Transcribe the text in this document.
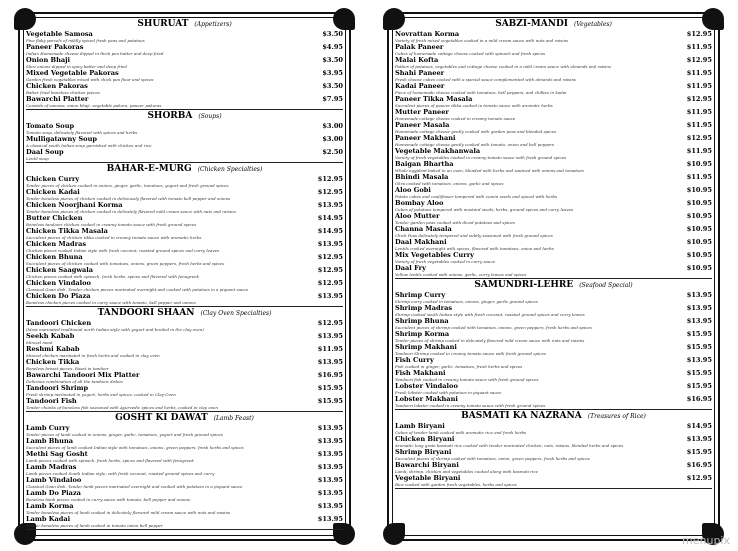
SHURUAT (Appetizers)
Vegetable Samosa	$3.50
Five flaky parcels of mildly spiced fresh peas and potatoes
Paneer Pakoras	$4.95
Indian Homemade cheese dipped in thick pea batter and deep fried
Onion Bhaji	$3.50
Slice onions dipped in spicy batter and deep fried
Mixed Vegetable Pakoras	$3.95
Garden fresh vegetables mixed with chick pea flour and spices
Chicken Pakoras	$3.50
Batter fried boneless chicken pieces
Bawarchi Platter	$7.95
Consists of samosa, onion bhaji, vegetable pakora, paneer pakoras
SHORBA (Soups)
Tomato Soup	$3.00
Tomato soup, delicately flavored with spices and herbs
Mulligatawny Soup	$3.00
A classical south Indian soup garnished with chicken and rice
Daal Soup	$2.50
Lentil soup
BAHAR-E-MURG (Chicken Specialties)
Chicken Curry	$12.95
Tender pieces of chicken cooked in onions, ginger, garlic, tomatoes, yogurt and fresh ground spices
Chicken Kadai	$12.95
Tender boneless pieces of chicken cooked in deliciously flavored with tomato bell pepper and onions
Chicken Noorjhani Korma	$13.95
Tender boneless pieces of chicken cooked in delicately flavored mild cream sauce with nuts and raisins
Butter Chicken	$14.95
Boneless tandoori chicken cooked in creamy tomato sauce with fresh ground spices
Chicken Tikka Masala	$14.95
Succulent pieces of chicken tikka cooked in creamy tomato sauce with aromatic herbs
Chicken Madras	$13.95
Chicken pieces cooked Indian style with fresh coconut, roasted ground spices and curry leaves
Chicken Bhuna	$12.95
Succulent pieces of chicken cooked with tomatoes, onions, green peppers, fresh herbs and spices
Chicken Saagwala	$12.95
Chicken pieces cooked with spinach, fresh herbs, spices and flavored with fenugreek
Chicken Vindaloo	$12.95
Classical Goan dish. Tender chicken pieces marinated overnight and cooked with potatoes in a piquant sauce
Chicken Do Piaza	$13.95
Boneless chicken pieces cooked in curry sauce with tomato, bell pepper and onions
TANDOORI SHAAN (Clay Oven Specialties)
Tandoori Chicken	$12.95
(Most marinated traditional north Indian style with yogurt and broiled in the clay oven)
Seekh Kabab	$13.95
Minced meat
Reshmi Kabab	$11.95
Minced chicken marinated in fresh herbs and cooked in clay oven
Chicken Tikka	$13.95
Boneless breast pieces. Roast in tandoor
Bawarchi Tandoori Mix Platter	$16.95
Delicious combination of all the tandoori dishes
Tandoori Shrimp	$15.95
Fresh shrimp marinated in yogurt, herbs and spices, cooked in Clay-Oven
Tandoori Fish	$15.95
Tender chunks of boneless fish seasoned with Ayurvedic spices and herbs, cooked in clay oven
GOSHT KI DAWAT (Lamb Feast)
Lamb Curry	$13.95
Tender pieces of lamb cooked in onions, ginger, garlic, tomatoes, yogurt and fresh ground spices
Lamb Bhuna	$13.95
Succulent pieces of lamb cooked Indian style with tomatoes, onions, green peppers, fresh herbs and spices
Methi Sag Gosht	$13.95
Lamb pieces cooked with spinach, fresh herbs, spices and flavored with fenugreek
Lamb Madras	$13.95
Lamb pieces cooked South Indian style, with fresh coconut, roasted ground spices and curry
Lamb Vindaloo	$13.95
Classical Goan dish. Tender lamb pieces marinated overnight and cooked with potatoes in a piquant sauce
Lamb Do Piaza	$13.95
Boneless lamb pieces cooked in curry sauce with tomato, bell pepper and onions
Lamb Korma	$13.95
Tender boneless pieces of lamb cooked in delicately flavored mild cream sauce with nuts and raisins
Lamb Kadai	$13.95
Tender boneless pieces of lamb cooked in tomato onion bell pepper
SABZI-MANDI (Vegetables)
Novrattan Korma	$12.95
Variety of fresh mixed vegetables cooked in a mild cream sauce with nuts and raisins
Palak Paneer	$11.95
Cubes of homemade cottage cheese cooked with spinach and fresh spices
Malai Kofta	$12.95
Patties of potatoes, vegetables and cottage cheese cooked in a mild cream sauce with almonds and raisins
Shahi Paneer	$11.95
Fresh cheese cubes cooked with a special sauce complemented with almonds and raisins
Kadai Paneer	$11.95
Piece of homemade cheese cooked with tomatoes, bell peppers, and chillies in kadai
Paneer Tikka Masala	$12.95
Succulent pieces of paneer tikka cooked in tomato sauce with aromatic herbs
Mutter Paneer	$11.95
Homemade cottage cheese cooked in creamy tomato sauce
Paneer Masala	$11.95
Homemade cottage cheese gently cooked with garden peas and blended spices
Paneer Makhani	$12.95
Homemade cottage cheese gently cooked with tomato, onion and bell peppers
Vegetable Makhanwala	$11.95
Variety of fresh vegetables cooked in creamy tomato sauce with fresh ground spices
Baigan Bhartha	$10.95
Whole eggplant baked in an oven, blended with herbs and sauteed with onions and tomatoes
Bhindi Masala	$11.95
Okra cooked with tomatoes, onions, garlic and spices
Aloo Gobi	$10.95
Potato cubes and cauliflower tempered with cumin seeds and spiced with herbs
Bombay Aloo	$10.95
Cubes of potatoes tempered with mustard seeds, herbs, ground spices and curry leaves
Aloo Mutter	$10.95
Tender garden peas cooked with diced potatoes and spices
Channa Masala	$10.95
Chick Peas delicately tempered and subtly seasoned with fresh ground spices
Daal Makhani	$10.95
Lentils cooked overnight with spices, flavored with tomatoes, onion and herbs
Mix Vegetables Curry	$10.95
Variety of fresh vegetables cooked in curry sauce
Daal Fry	$10.95
Yellow lentils cooked with onions, garlic, curry leaves and spices
SAMUNDRI-LEHRE (Seafood Special)
Shrimp Curry	$13.95
Shrimp curry cooked in tomatoes, onions, ginger, garlic ground spices
Shrimp Madras	$13.95
Shrimp cooked south Indian style with fresh coconut, roasted ground spices and curry leaves
Shrimp Bhuna	$13.95
Succulent pieces of shrimp cooked with tomatoes, onions, green peppers, fresh herbs and spices
Shrimp Korma	$15.95
Tender pieces of shrimp cooked in delicately flavored mild cream sauce with nuts and raisins
Shrimp Makhani	$15.95
Tandoori Shrimp cooked in creamy tomato sauce with fresh ground spices
Fish Curry	$13.95
Fish cooked in ginger, garlic, tomatoes, fresh herbs and spices
Fish Makhani	$15.95
Tandoori fish cooked in creamy tomato sauce with fresh ground spices
Lobster Vindaloo	$15.95
Fresh lobster cooked with potatoes in piquant sauce
Lobster Makhani	$16.95
Tandoori lobster cooked in creamy tomato sauce with fresh ground spices
BASMATI KA NAZRANA (Treasures of Rice)
Lamb Biryani	$14.95
Cubes of tender lamb cooked with aromatic rice and fresh herbs
Chicken Biryani	$13.95
Aromatic long grain basmati rice cooked with tender marinated chicken, nuts, raisins, blended herbs and spices
Shrimp Biryani	$15.95
Succulent pieces of shrimp cooked with tomatoes, onion, green peppers, fresh herbs and spices
Bawarchi Biryani	$16.95
Lamb, shrimp, chicken and vegetables cooked along with basmati rice
Vegetable Biryani	$12.95
Rice cooked with garden fresh vegetables, herbs and spices
menupix
